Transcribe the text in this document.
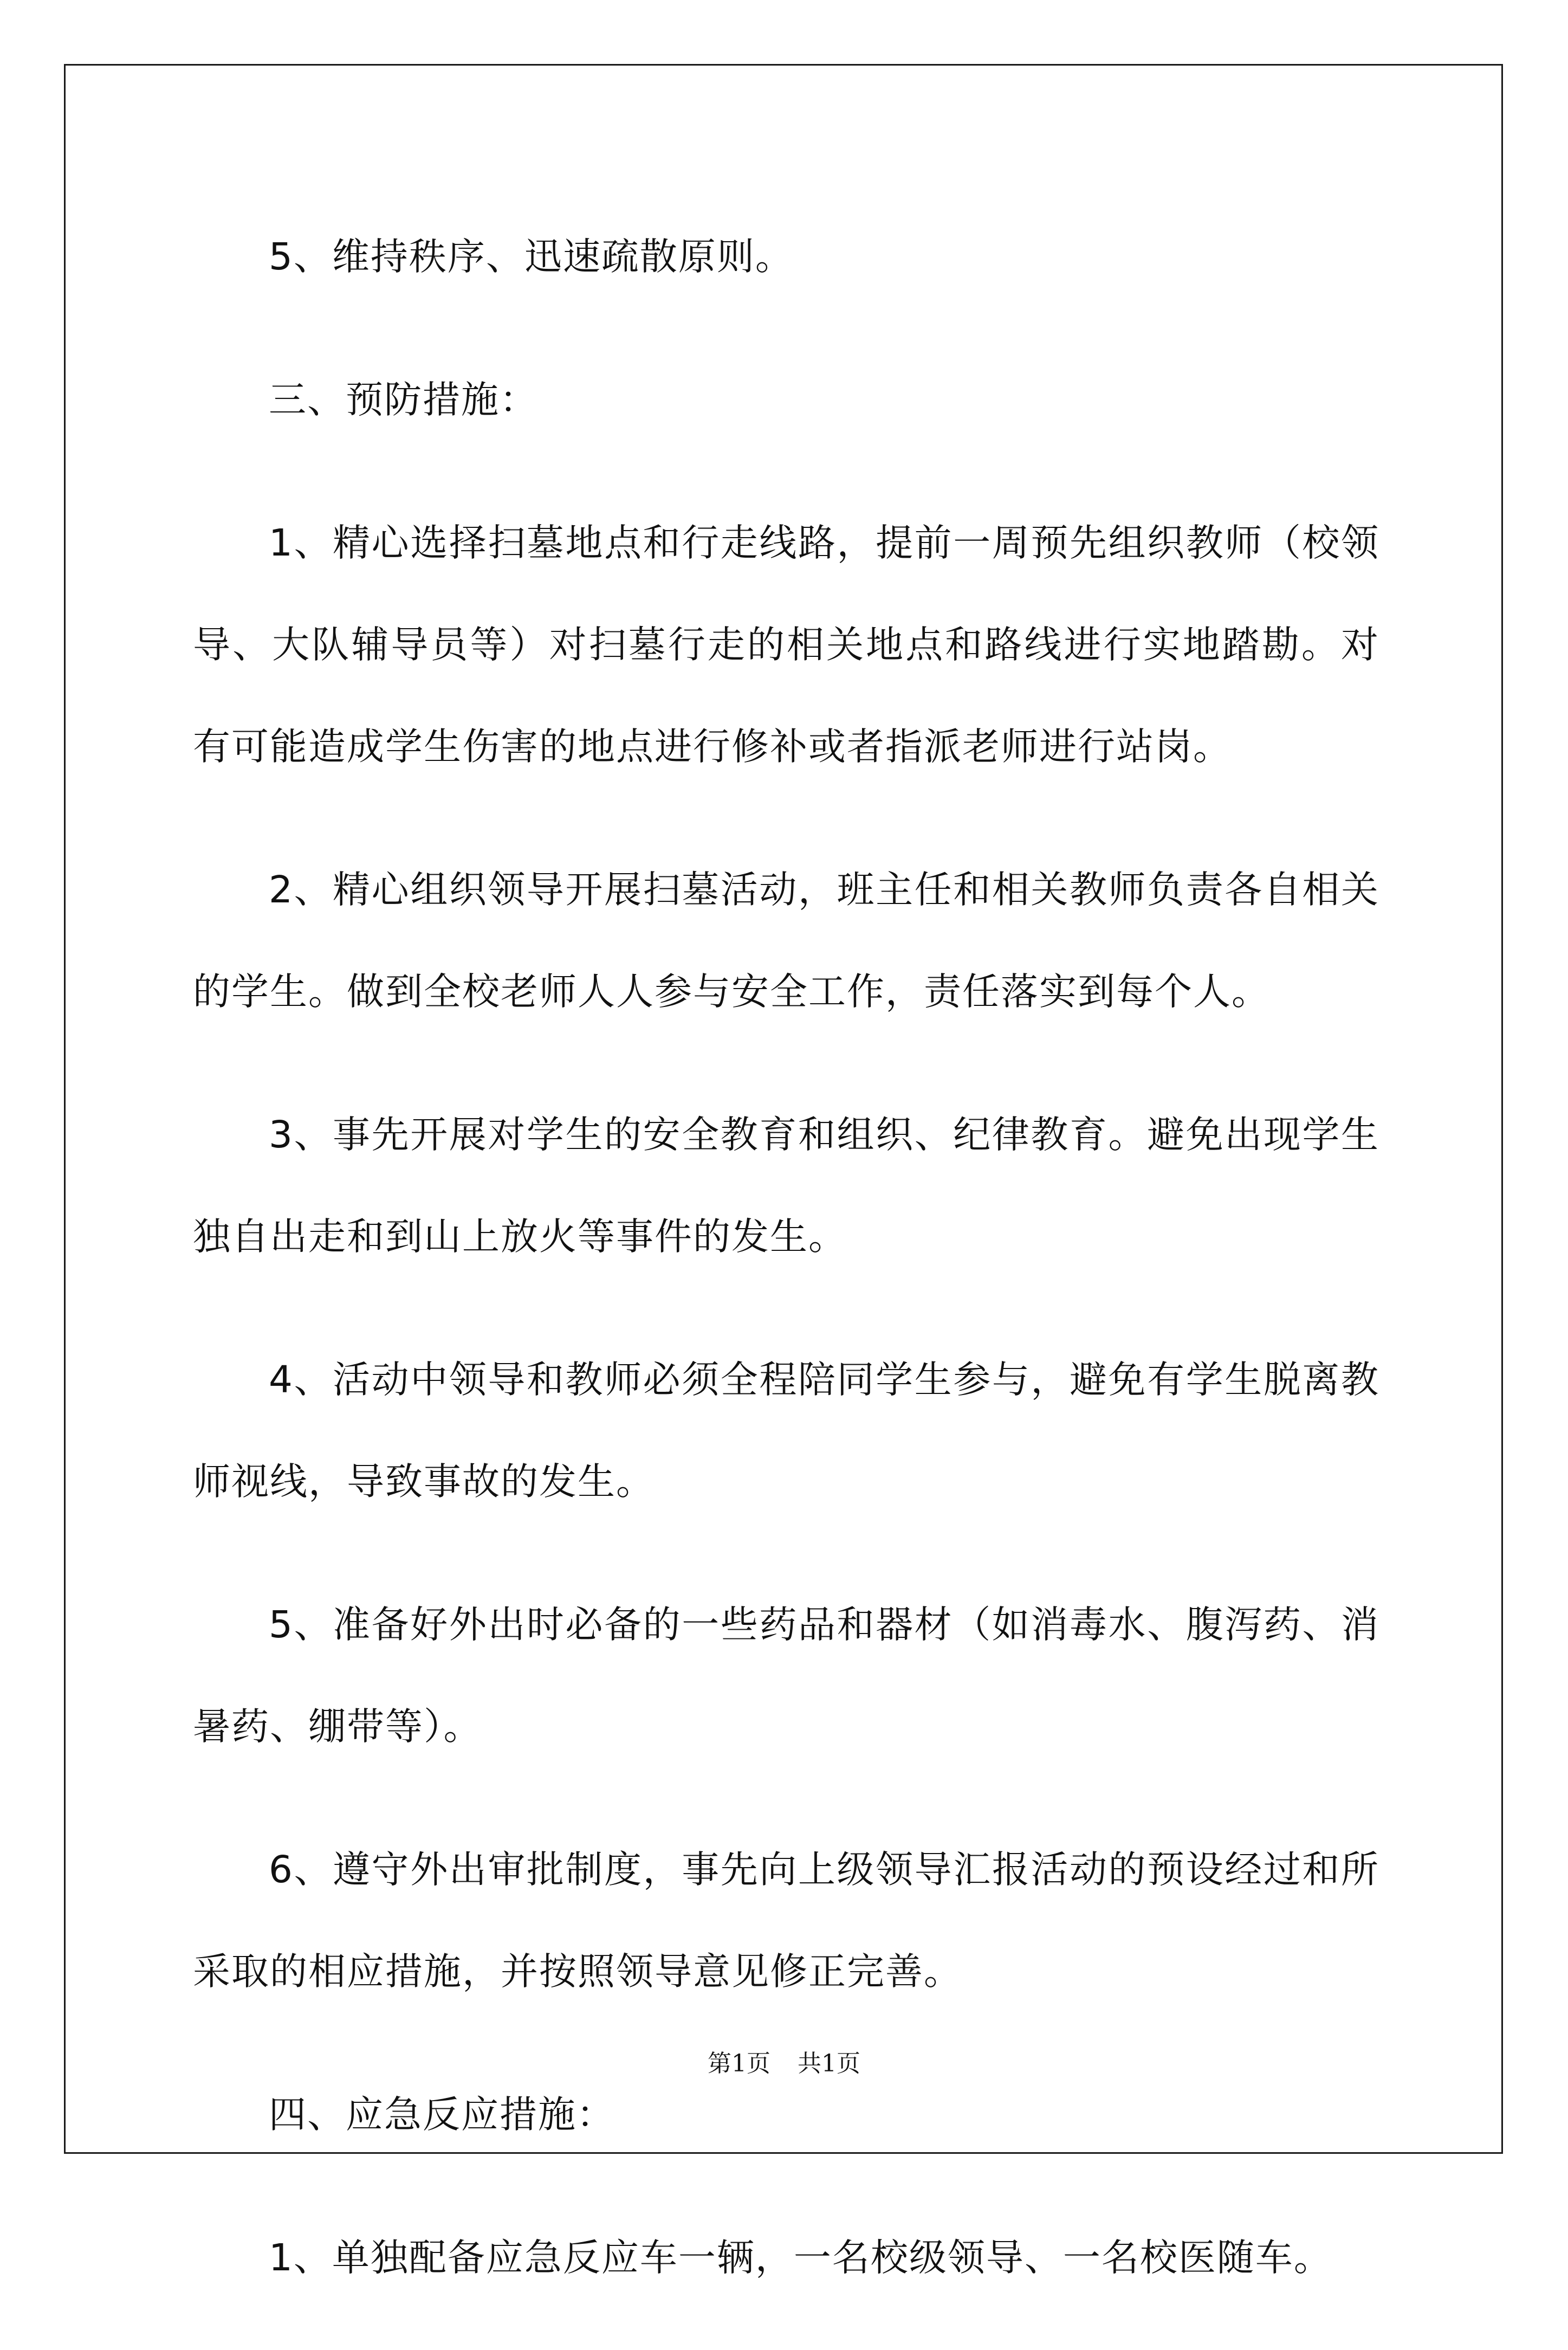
5、维持秩序、迅速疏散原则。

三、预防措施：

1、精心选择扫墓地点和行走线路，提前一周预先组织教师（校领导、大队辅导员等）对扫墓行走的相关地点和路线进行实地踏勘。对有可能造成学生伤害的地点进行修补或者指派老师进行站岗。

2、精心组织领导开展扫墓活动，班主任和相关教师负责各自相关的学生。做到全校老师人人参与安全工作，责任落实到每个人。

3、事先开展对学生的安全教育和组织、纪律教育。避免出现学生独自出走和到山上放火等事件的发生。

4、活动中领导和教师必须全程陪同学生参与，避免有学生脱离教师视线，导致事故的发生。

5、准备好外出时必备的一些药品和器材（如消毒水、腹泻药、消暑药、绷带等）。

6、遵守外出审批制度，事先向上级领导汇报活动的预设经过和所采取的相应措施，并按照领导意见修正完善。

四、应急反应措施：

1、单独配备应急反应车一辆，一名校级领导、一名校医随车。

第1页 共1页
